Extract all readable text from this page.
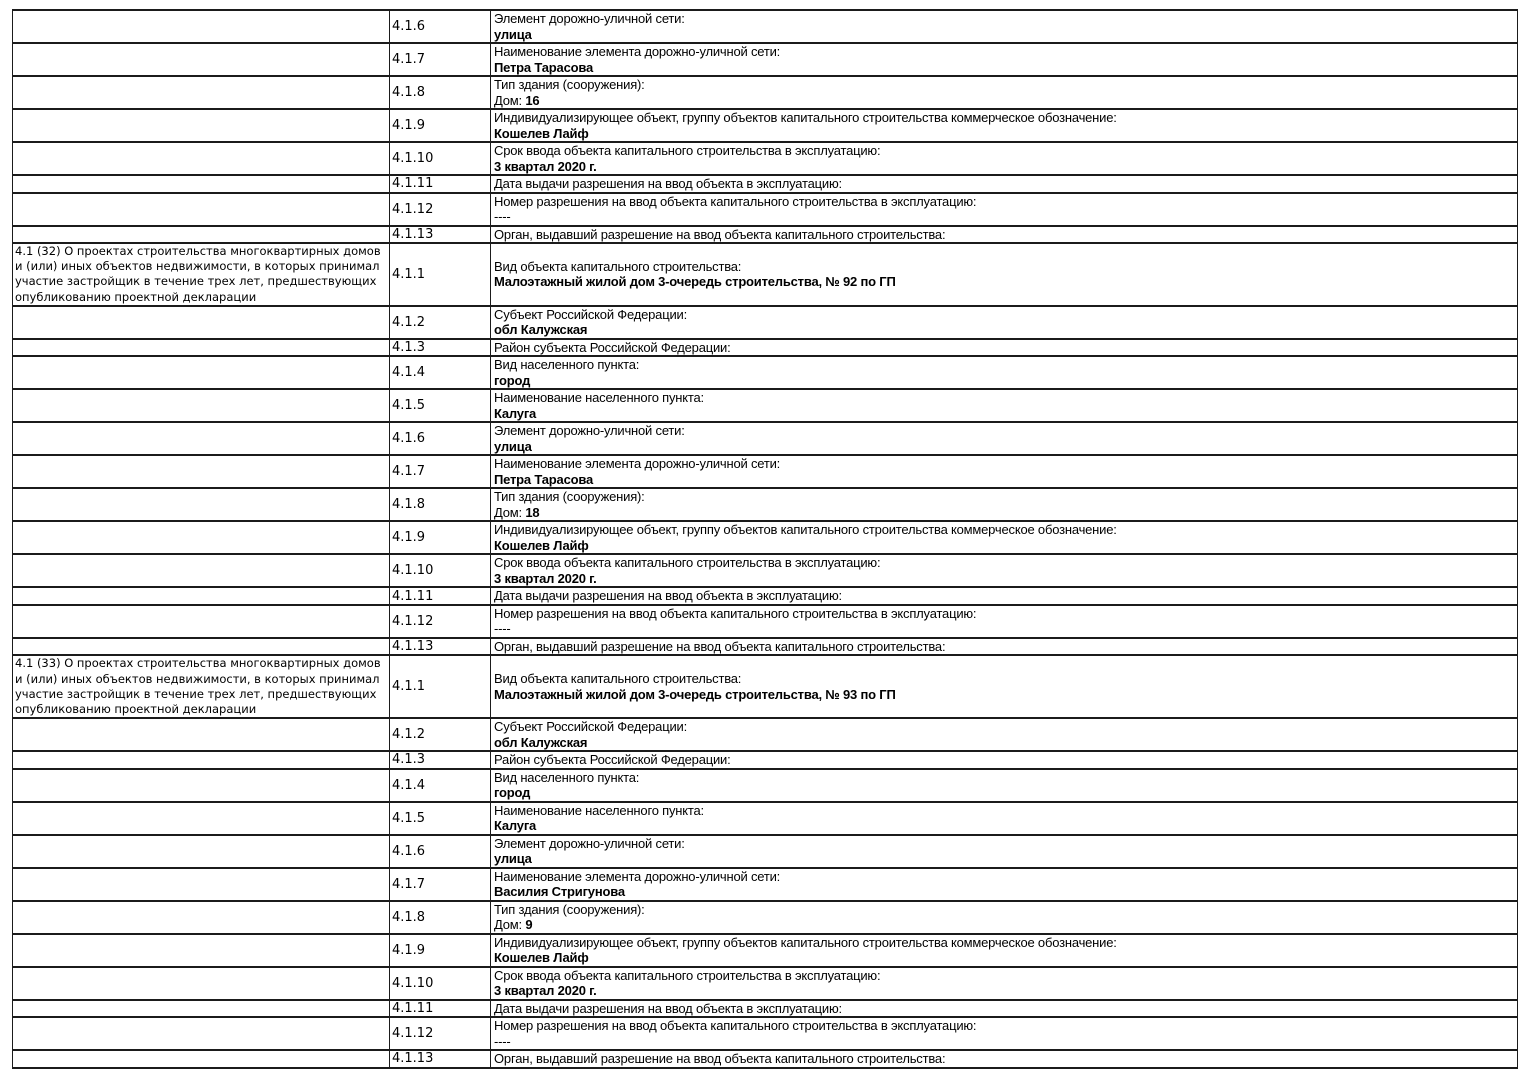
	4.1.6	Элемент дорожно-уличной сети:
улица

	4.1.7	Наименование элемента дорожно-уличной сети:
Петра Тарасова

	4.1.8	Тип здания (сооружения):
Дом: 16

	4.1.9	Индивидуализирующее объект, группу объектов капитального строительства коммерческое обозначение:
Кошелев Лайф

	4.1.10	Срок ввода объекта капитального строительства в эксплуатацию:
3 квартал 2020 г.

	4.1.11	Дата выдачи разрешения на ввод объекта в эксплуатацию:

	4.1.12	Номер разрешения на ввод объекта капитального строительства в эксплуатацию:
----

	4.1.13	Орган, выдавший разрешение на ввод объекта капитального строительства:

4.1 (32) О проектах строительства многоквартирных домов и (или) иных объектов недвижимости, в которых принимал участие застройщик в течение трех лет, предшествующих опубликованию проектной декларации	4.1.1	Вид объекта капитального строительства:
Малоэтажный жилой дом 3-очередь строительства, № 92 по ГП

	4.1.2	Субъект Российской Федерации:
обл Калужская

	4.1.3	Район субъекта Российской Федерации:

	4.1.4	Вид населенного пункта:
город

	4.1.5	Наименование населенного пункта:
Калуга

	4.1.6	Элемент дорожно-уличной сети:
улица

	4.1.7	Наименование элемента дорожно-уличной сети:
Петра Тарасова

	4.1.8	Тип здания (сооружения):
Дом: 18

	4.1.9	Индивидуализирующее объект, группу объектов капитального строительства коммерческое обозначение:
Кошелев Лайф

	4.1.10	Срок ввода объекта капитального строительства в эксплуатацию:
3 квартал 2020 г.

	4.1.11	Дата выдачи разрешения на ввод объекта в эксплуатацию:

	4.1.12	Номер разрешения на ввод объекта капитального строительства в эксплуатацию:
----

	4.1.13	Орган, выдавший разрешение на ввод объекта капитального строительства:

4.1 (33) О проектах строительства многоквартирных домов и (или) иных объектов недвижимости, в которых принимал участие застройщик в течение трех лет, предшествующих опубликованию проектной декларации	4.1.1	Вид объекта капитального строительства:
Малоэтажный жилой дом 3-очередь строительства, № 93 по ГП

	4.1.2	Субъект Российской Федерации:
обл Калужская

	4.1.3	Район субъекта Российской Федерации:

	4.1.4	Вид населенного пункта:
город

	4.1.5	Наименование населенного пункта:
Калуга

	4.1.6	Элемент дорожно-уличной сети:
улица

	4.1.7	Наименование элемента дорожно-уличной сети:
Василия Стригунова

	4.1.8	Тип здания (сооружения):
Дом: 9

	4.1.9	Индивидуализирующее объект, группу объектов капитального строительства коммерческое обозначение:
Кошелев Лайф

	4.1.10	Срок ввода объекта капитального строительства в эксплуатацию:
3 квартал 2020 г.

	4.1.11	Дата выдачи разрешения на ввод объекта в эксплуатацию:

	4.1.12	Номер разрешения на ввод объекта капитального строительства в эксплуатацию:
----

	4.1.13	Орган, выдавший разрешение на ввод объекта капитального строительства:
